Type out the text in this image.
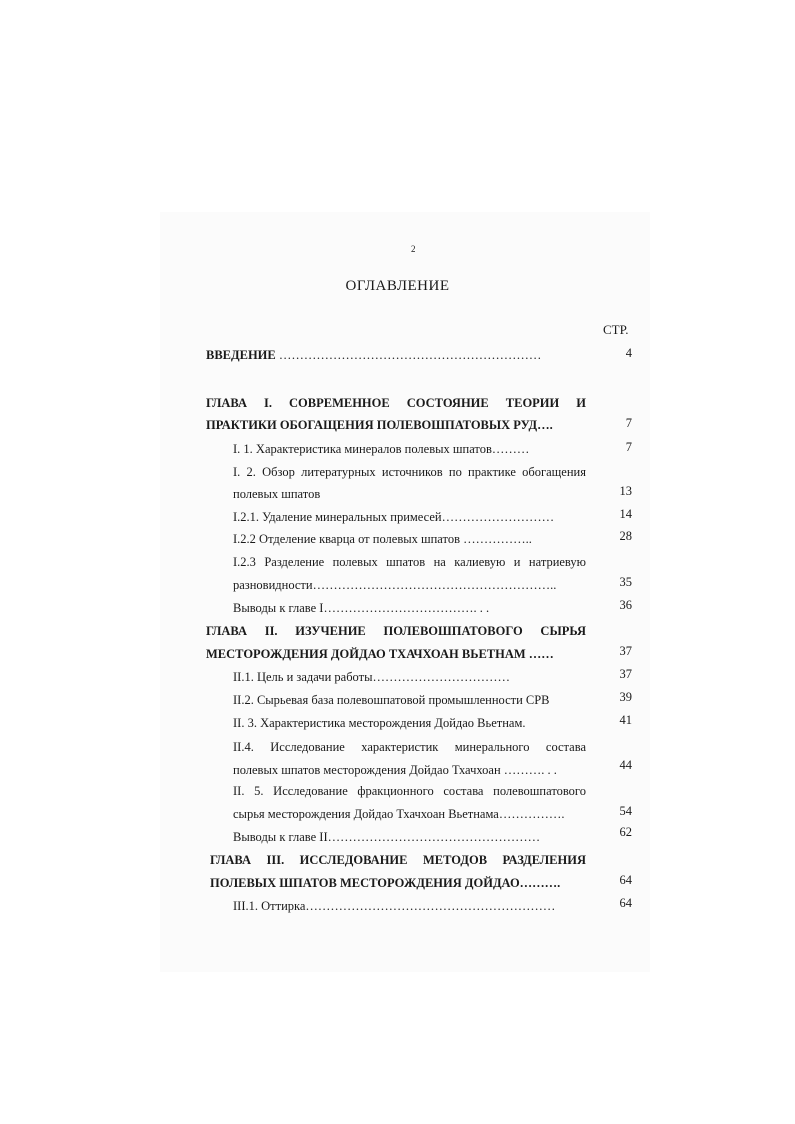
2
ОГЛАВЛЕНИЕ
СТР.
ВВЕДЕНИЕ ………………………………………………………	4
ГЛАВА I. СОВРЕМЕННОЕ СОСТОЯНИЕ ТЕОРИИ И
ПРАКТИКИ ОБОГАЩЕНИЯ ПОЛЕВОШПАТОВЫХ РУД….	7
I. 1. Характеристика минералов полевых шпатов………	7
I. 2. Обзор литературных источников по практике обогащения
полевых шпатов	13
I.2.1. Удаление минеральных примесей………………………	14
I.2.2 Отделение кварца от полевых шпатов ……………..	28
I.2.3 Разделение полевых шпатов на калиевую и натриевую
разновидности…………………………………………………..	35
Выводы к главе I………………………………. . .	36
ГЛАВА II. ИЗУЧЕНИЕ ПОЛЕВОШПАТОВОГО СЫРЬЯ
МЕСТОРОЖДЕНИЯ ДОЙДАО ТХАЧХОАН ВЬЕТНАМ ……	37
II.1. Цель и задачи работы……………………………	37
II.2. Сырьевая база полевошпатовой промышленности СРВ	39
II. 3. Характеристика месторождения Дойдао Вьетнам.	41
II.4. Исследование характеристик минерального состава
полевых шпатов месторождения Дойдао Тхачхоан ………. . .	44
II. 5. Исследование фракционного состава полевошпатового
сырья месторождения Дойдао Тхачхоан Вьетнама…………….	54
Выводы к главе II……………………………………………	62
ГЛАВА III. ИССЛЕДОВАНИЕ МЕТОДОВ РАЗДЕЛЕНИЯ
ПОЛЕВЫХ ШПАТОВ МЕСТОРОЖДЕНИЯ ДОЙДАО……….	64
III.1. Оттирка……………………………………………………	64
